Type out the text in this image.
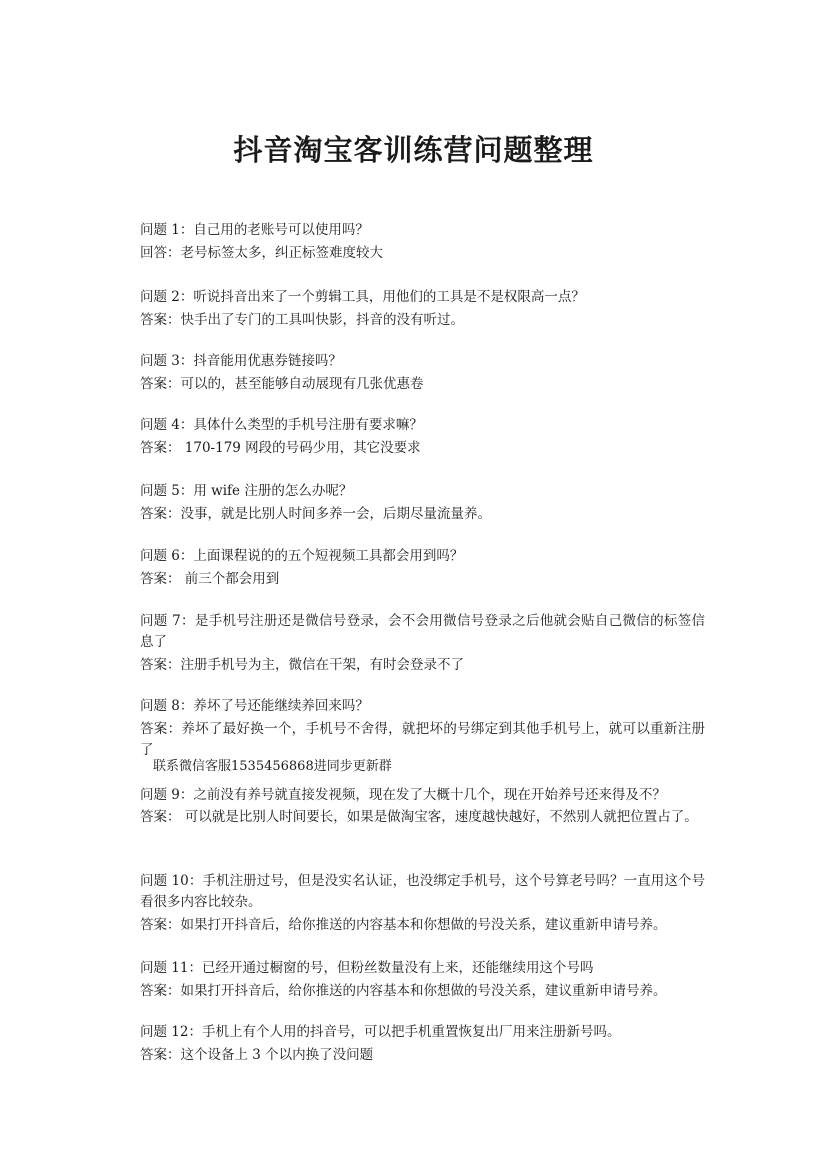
抖音淘宝客训练营问题整理

问题 1：自己用的老账号可以使用吗？

回答：老号标签太多，纠正标签难度较大

问题 2：听说抖音出来了一个剪辑工具，用他们的工具是不是权限高一点？

答案：快手出了专门的工具叫快影，抖音的没有听过。

问题 3：抖音能用优惠券链接吗？

答案：可以的，甚至能够自动展现有几张优惠卷

问题 4：具体什么类型的手机号注册有要求嘛？

答案： 170-179 网段的号码少用，其它没要求

问题 5：用 wife 注册的怎么办呢？

答案：没事，就是比别人时间多养一会，后期尽量流量养。

问题 6：上面课程说的的五个短视频工具都会用到吗？

答案： 前三个都会用到

问题 7：是手机号注册还是微信号登录，会不会用微信号登录之后他就会贴自己微信的标签信息了

答案：注册手机号为主，微信在干架，有时会登录不了

问题 8：养坏了号还能继续养回来吗？

答案：养坏了最好换一个，手机号不舍得，就把坏的号绑定到其他手机号上，就可以重新注册了

联系微信客服1535456868进同步更新群

问题 9：之前没有养号就直接发视频，现在发了大概十几个，现在开始养号还来得及不？

答案： 可以就是比别人时间要长，如果是做淘宝客，速度越快越好，不然别人就把位置占了。

问题 10：手机注册过号，但是没实名认证，也没绑定手机号，这个号算老号吗？一直用这个号看很多内容比较杂。

答案：如果打开抖音后，给你推送的内容基本和你想做的号没关系，建议重新申请号养。

问题 11：已经开通过橱窗的号，但粉丝数量没有上来，还能继续用这个号吗

答案：如果打开抖音后，给你推送的内容基本和你想做的号没关系，建议重新申请号养。

问题 12：手机上有个人用的抖音号，可以把手机重置恢复出厂用来注册新号吗。

答案：这个设备上 3 个以内换了没问题
